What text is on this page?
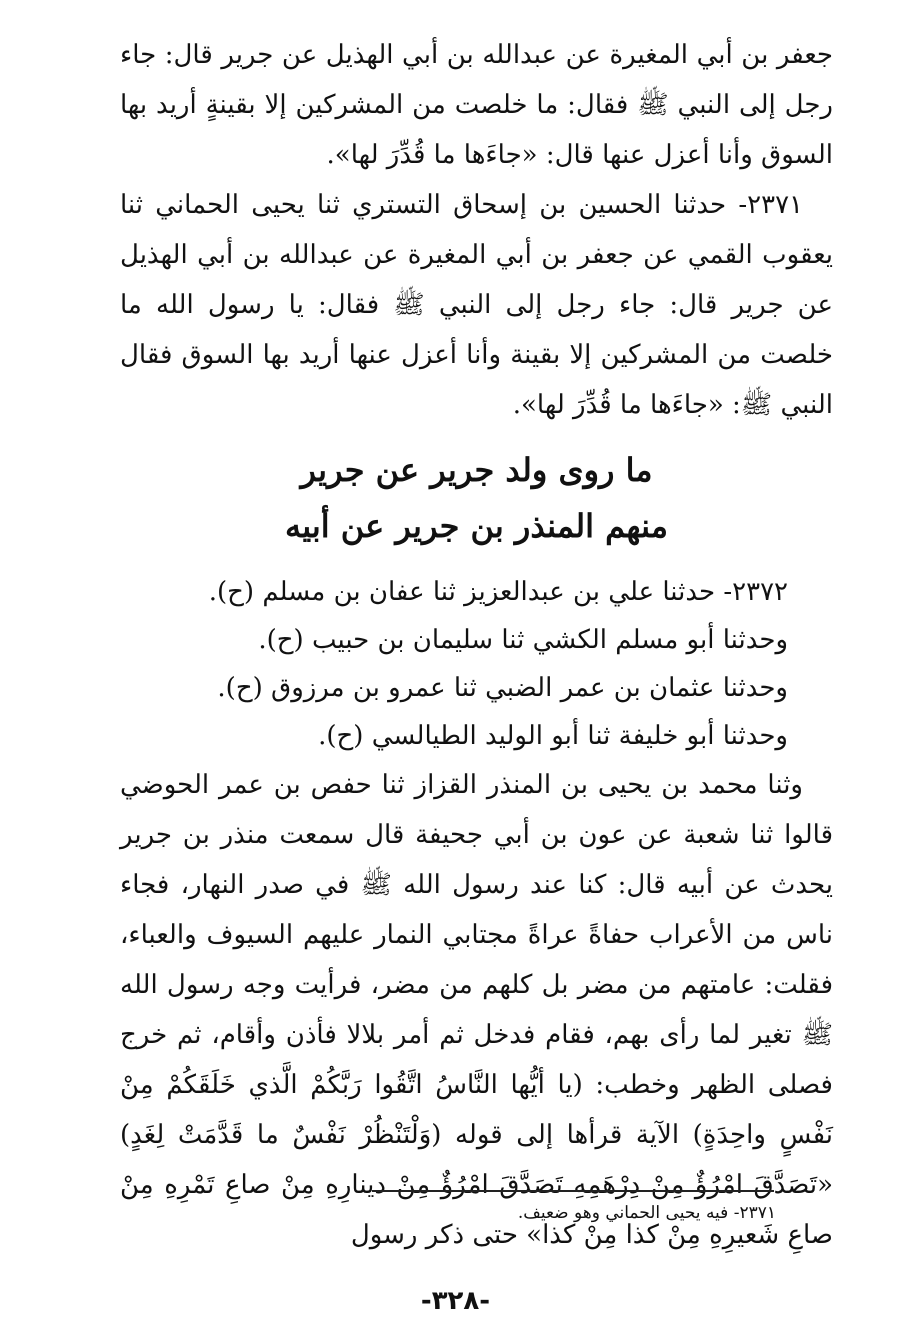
جعفر بن أبي المغيرة عن عبدالله بن أبي الهذيل عن جرير قال: جاء رجل إلى النبي ﷺ فقال: ما خلصت من المشركين إلا بقينةٍ أريد بها السوق وأنا أعزل عنها قال: «جاءَها ما قُدِّرَ لها».

٢٣٧١- حدثنا الحسين بن إسحاق التستري ثنا يحيى الحماني ثنا يعقوب القمي عن جعفر بن أبي المغيرة عن عبدالله بن أبي الهذيل عن جرير قال: جاء رجل إلى النبي ﷺ فقال: يا رسول الله ما خلصت من المشركين إلا بقينة وأنا أعزل عنها أريد بها السوق فقال النبي ﷺ: «جاءَها ما قُدِّرَ لها».

ما روى ولد جرير عن جرير
منهم المنذر بن جرير عن أبيه

٢٣٧٢- حدثنا علي بن عبدالعزيز ثنا عفان بن مسلم (ح).

وحدثنا أبو مسلم الكشي ثنا سليمان بن حبيب (ح).

وحدثنا عثمان بن عمر الضبي ثنا عمرو بن مرزوق (ح).

وحدثنا أبو خليفة ثنا أبو الوليد الطيالسي (ح).

وثنا محمد بن يحيى بن المنذر القزاز ثنا حفص بن عمر الحوضي قالوا ثنا شعبة عن عون بن أبي جحيفة قال سمعت منذر بن جرير يحدث عن أبيه قال: كنا عند رسول الله ﷺ في صدر النهار، فجاء ناس من الأعراب حفاةً عراةً مجتابي النمار عليهم السيوف والعباء، فقلت: عامتهم من مضر بل كلهم من مضر، فرأيت وجه رسول الله ﷺ تغير لما رأى بهم، فقام فدخل ثم أمر بلالا فأذن وأقام، ثم خرج فصلى الظهر وخطب: (يا أيُّها النَّاسُ اتَّقُوا رَبَّكُمْ الَّذي خَلَقَكُمْ مِنْ نَفْسٍ واحِدَةٍ) الآية قرأها إلى قوله (وَلْتَنْظُرْ نَفْسٌ ما قَدَّمَتْ لِغَدٍ) «تَصَدَّقَ امْرُؤٌ مِنْ دِرْهَمِهِ تَصَدَّقَ امْرُؤٌ مِنْ دينارِهِ مِنْ صاعِ تَمْرِهِ مِنْ صاعِ شَعيرِهِ مِنْ كذا مِنْ كذا» حتى ذكر رسول

٢٣٧١- فيه يحيى الحماني وهو ضعيف.

-٣٢٨-
